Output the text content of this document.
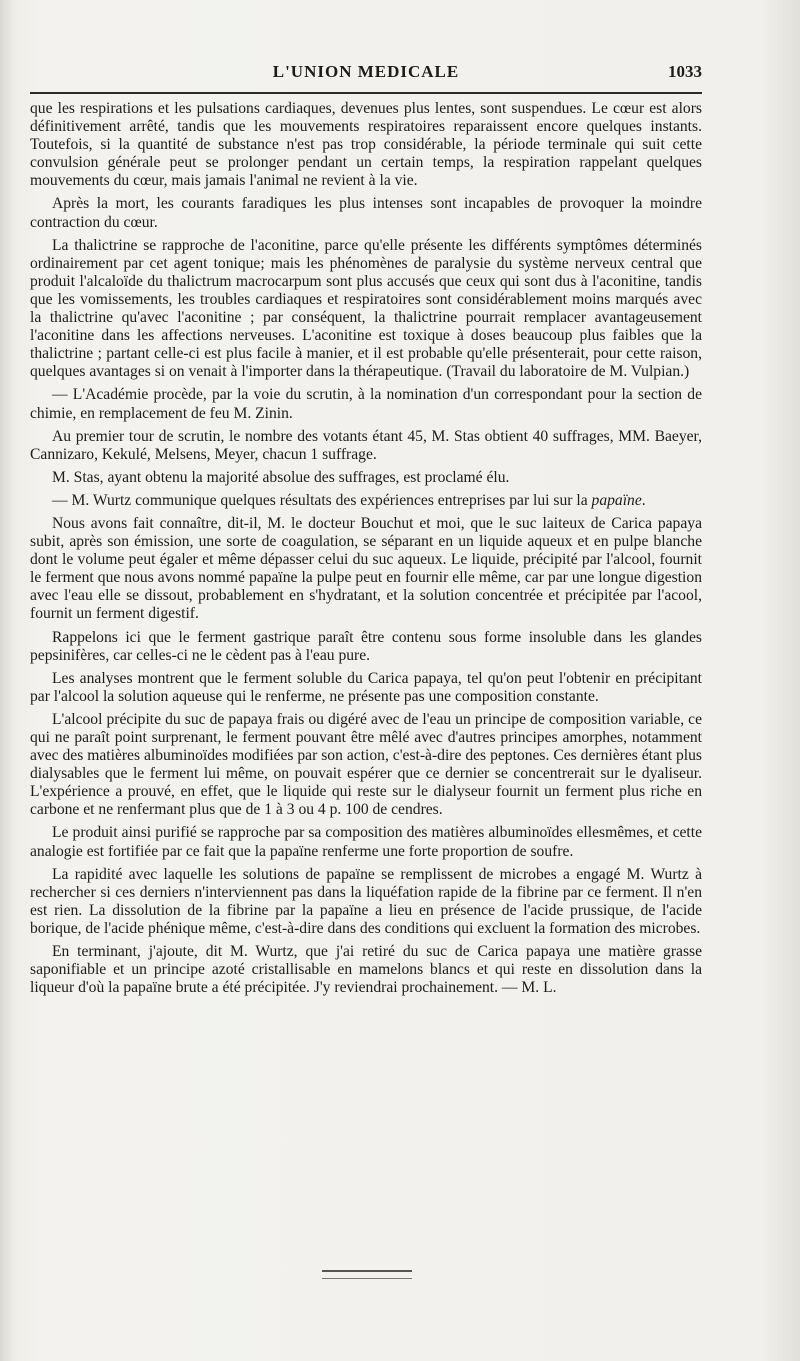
L'UNION MEDICALE	1033

que les respirations et les pulsations cardiaques, devenues plus lentes, sont suspendues. Le cœur est alors définitivement arrêté, tandis que les mouvements respiratoires reparaissent encore quelques instants. Toutefois, si la quantité de substance n'est pas trop considérable, la période terminale qui suit cette convulsion générale peut se prolonger pendant un certain temps, la respiration rappelant quelques mouvements du cœur, mais jamais l'animal ne revient à la vie.

Après la mort, les courants faradiques les plus intenses sont incapables de provoquer la moindre contraction du cœur.

La thalictrine se rapproche de l'aconitine, parce qu'elle présente les différents symptômes déterminés ordinairement par cet agent tonique; mais les phénomènes de paralysie du système nerveux central que produit l'alcaloïde du thalictrum macrocarpum sont plus accusés que ceux qui sont dus à l'aconitine, tandis que les vomissements, les troubles cardiaques et respiratoires sont considérablement moins marqués avec la thalictrine qu'avec l'aconitine ; par conséquent, la thalictrine pourrait remplacer avantageusement l'aconitine dans les affections nerveuses. L'aconitine est toxique à doses beaucoup plus faibles que la thalictrine ; partant celle-ci est plus facile à manier, et il est probable qu'elle présenterait, pour cette raison, quelques avantages si on venait à l'importer dans la thérapeutique. (Travail du laboratoire de M. Vulpian.)

— L'Académie procède, par la voie du scrutin, à la nomination d'un correspondant pour la section de chimie, en remplacement de feu M. Zinin.

Au premier tour de scrutin, le nombre des votants étant 45, M. Stas obtient 40 suffrages, MM. Baeyer, Cannizaro, Kekulé, Melsens, Meyer, chacun 1 suffrage.

M. Stas, ayant obtenu la majorité absolue des suffrages, est proclamé élu.

— M. Wurtz communique quelques résultats des expériences entreprises par lui sur la papaïne.

Nous avons fait connaître, dit-il, M. le docteur Bouchut et moi, que le suc laiteux de Carica papaya subit, après son émission, une sorte de coagulation, se séparant en un liquide aqueux et en pulpe blanche dont le volume peut égaler et même dépasser celui du suc aqueux. Le liquide, précipité par l'alcool, fournit le ferment que nous avons nommé papaïne la pulpe peut en fournir elle même, car par une longue digestion avec l'eau elle se dissout, probablement en s'hydratant, et la solution concentrée et précipitée par l'acool, fournit un ferment digestif.

Rappelons ici que le ferment gastrique paraît être contenu sous forme insoluble dans les glandes pepsinifères, car celles-ci ne le cèdent pas à l'eau pure.

Les analyses montrent que le ferment soluble du Carica papaya, tel qu'on peut l'obtenir en précipitant par l'alcool la solution aqueuse qui le renferme, ne présente pas une composition constante.

L'alcool précipite du suc de papaya frais ou digéré avec de l'eau un principe de composition variable, ce qui ne paraît point surprenant, le ferment pouvant être mêlé avec d'autres principes amorphes, notamment avec des matières albuminoïdes modifiées par son action, c'est-à-dire des peptones. Ces dernières étant plus dialysables que le ferment lui même, on pouvait espérer que ce dernier se concentrerait sur le dyaliseur. L'expérience a prouvé, en effet, que le liquide qui reste sur le dialyseur fournit un ferment plus riche en carbone et ne renfermant plus que de 1 à 3 ou 4 p. 100 de cendres.

Le produit ainsi purifié se rapproche par sa composition des matières albuminoïdes ellesmêmes, et cette analogie est fortifiée par ce fait que la papaïne renferme une forte proportion de soufre.

La rapidité avec laquelle les solutions de papaïne se remplissent de microbes a engagé M. Wurtz à rechercher si ces derniers n'interviennent pas dans la liquéfation rapide de la fibrine par ce ferment. Il n'en est rien. La dissolution de la fibrine par la papaïne a lieu en présence de l'acide prussique, de l'acide borique, de l'acide phénique même, c'est-à-dire dans des conditions qui excluent la formation des microbes.

En terminant, j'ajoute, dit M. Wurtz, que j'ai retiré du suc de Carica papaya une matière grasse saponifiable et un principe azoté cristallisable en mamelons blancs et qui reste en dissolution dans la liqueur d'où la papaïne brute a été précipitée. J'y reviendrai prochainement. — M. L.
